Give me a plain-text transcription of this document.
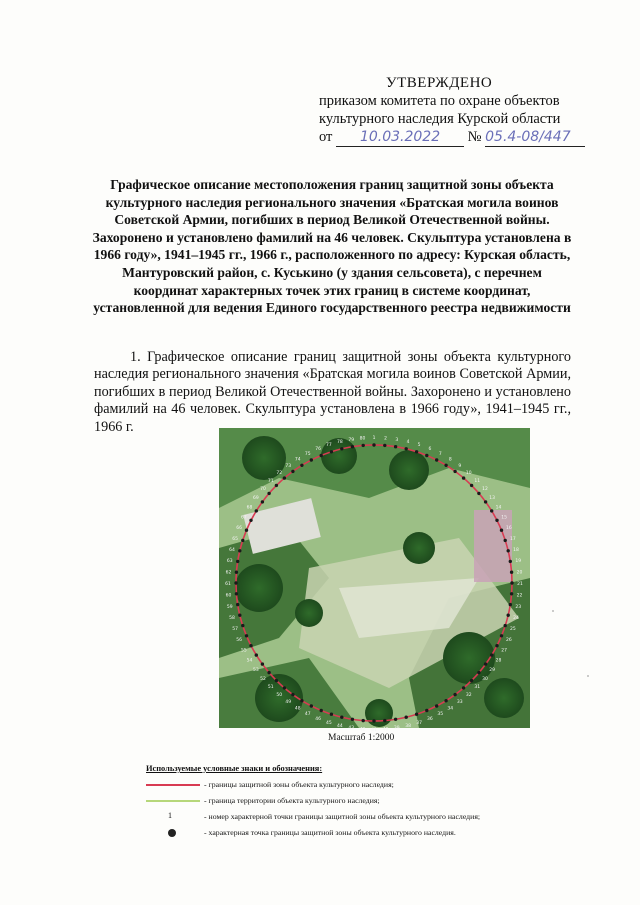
УТВЕРЖДЕНО
приказом комитета по охране объектов
культурного наследия Курской области
от 10.03.2022 № 05.4-08/447
Графическое описание местоположения границ защитной зоны объекта культурного наследия регионального значения «Братская могила воинов Советской Армии, погибших в период Великой Отечественной войны. Захоронено и установлено фамилий на 46 человек. Скульптура установлена в 1966 году», 1941–1945 гг., 1966 г., расположенного по адресу: Курская область, Мантуровский район, с. Куськино (у здания сельсовета), с перечнем координат характерных точек этих границ в системе координат, установленной для ведения Единого государственного реестра недвижимости
1. Графическое описание границ защитной зоны объекта культурного наследия регионального значения «Братская могила воинов Советской Армии, погибших в период Великой Отечественной войны. Захоронено и установлено фамилий на 46 человек. Скульптура установлена в 1966 году», 1941–1945 гг., 1966 г.
1 2 3 4
5
6
7
8
9
10
11
12
13
14
15
16
17
18
19
20
21
22
23
24
25
26
27
28
29
30
31
32
33
34
35
36
37
38
39
40
41
42
43
44
45
46
47
48
49
50
51
52
53
54
55
56
57
58
59
60
61
62
63
64
65
66
67
68
69
70
71
72
73
74
75
76
77
78 79 80
Масштаб 1:2000
Используемые условные знаки и обозначения:
- границы защитной зоны объекта культурного наследия;
- граница территории объекта культурного наследия;
1	- номер характерной точки границы защитной зоны объекта культурного наследия;
- характерная точка границы защитной зоны объекта культурного наследия.
